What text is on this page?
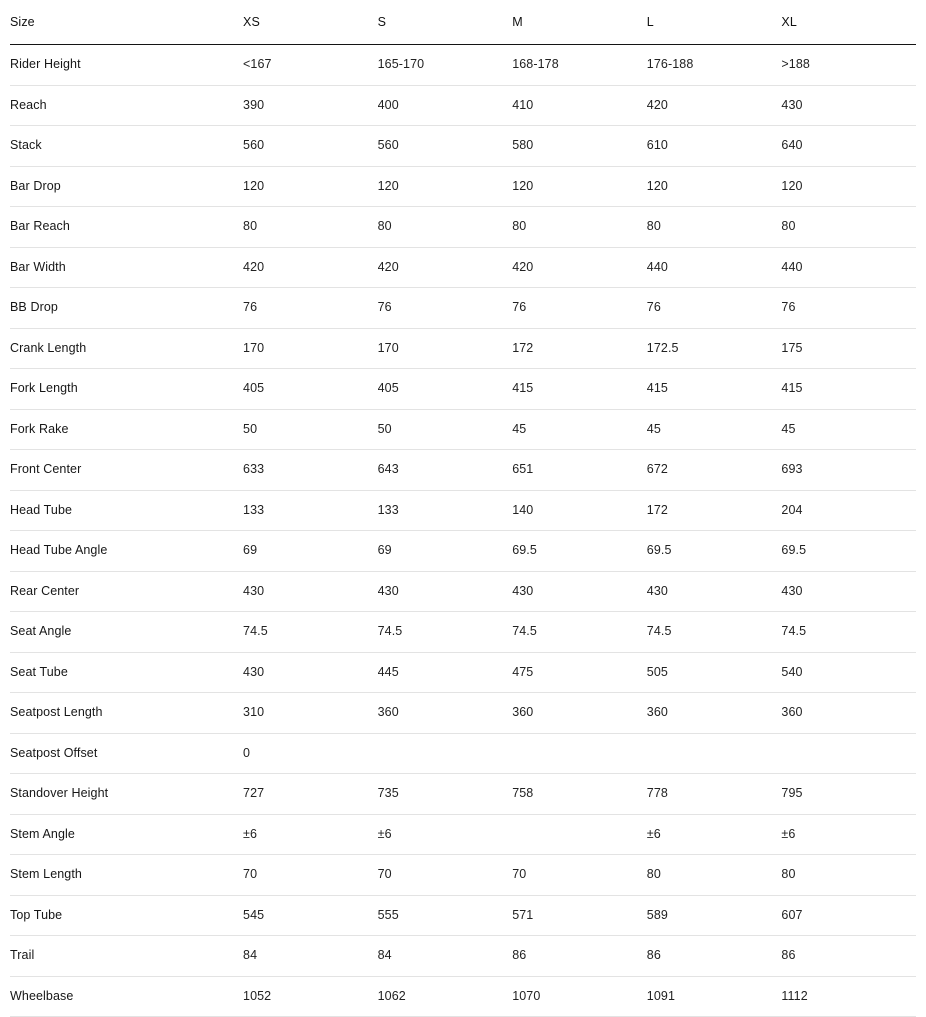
Size	XS	S	M	L	XL
Rider Height	<167	165-170	168-178	176-188	>188
Reach	390	400	410	420	430
Stack	560	560	580	610	640
Bar Drop	120	120	120	120	120
Bar Reach	80	80	80	80	80
Bar Width	420	420	420	440	440
BB Drop	76	76	76	76	76
Crank Length	170	170	172	172.5	175
Fork Length	405	405	415	415	415
Fork Rake	50	50	45	45	45
Front Center	633	643	651	672	693
Head Tube	133	133	140	172	204
Head Tube Angle	69	69	69.5	69.5	69.5
Rear Center	430	430	430	430	430
Seat Angle	74.5	74.5	74.5	74.5	74.5
Seat Tube	430	445	475	505	540
Seatpost Length	310	360	360	360	360
Seatpost Offset	0				
Standover Height	727	735	758	778	795
Stem Angle	±6	±6		±6	±6
Stem Length	70	70	70	80	80
Top Tube	545	555	571	589	607
Trail	84	84	86	86	86
Wheelbase	1052	1062	1070	1091	1112
